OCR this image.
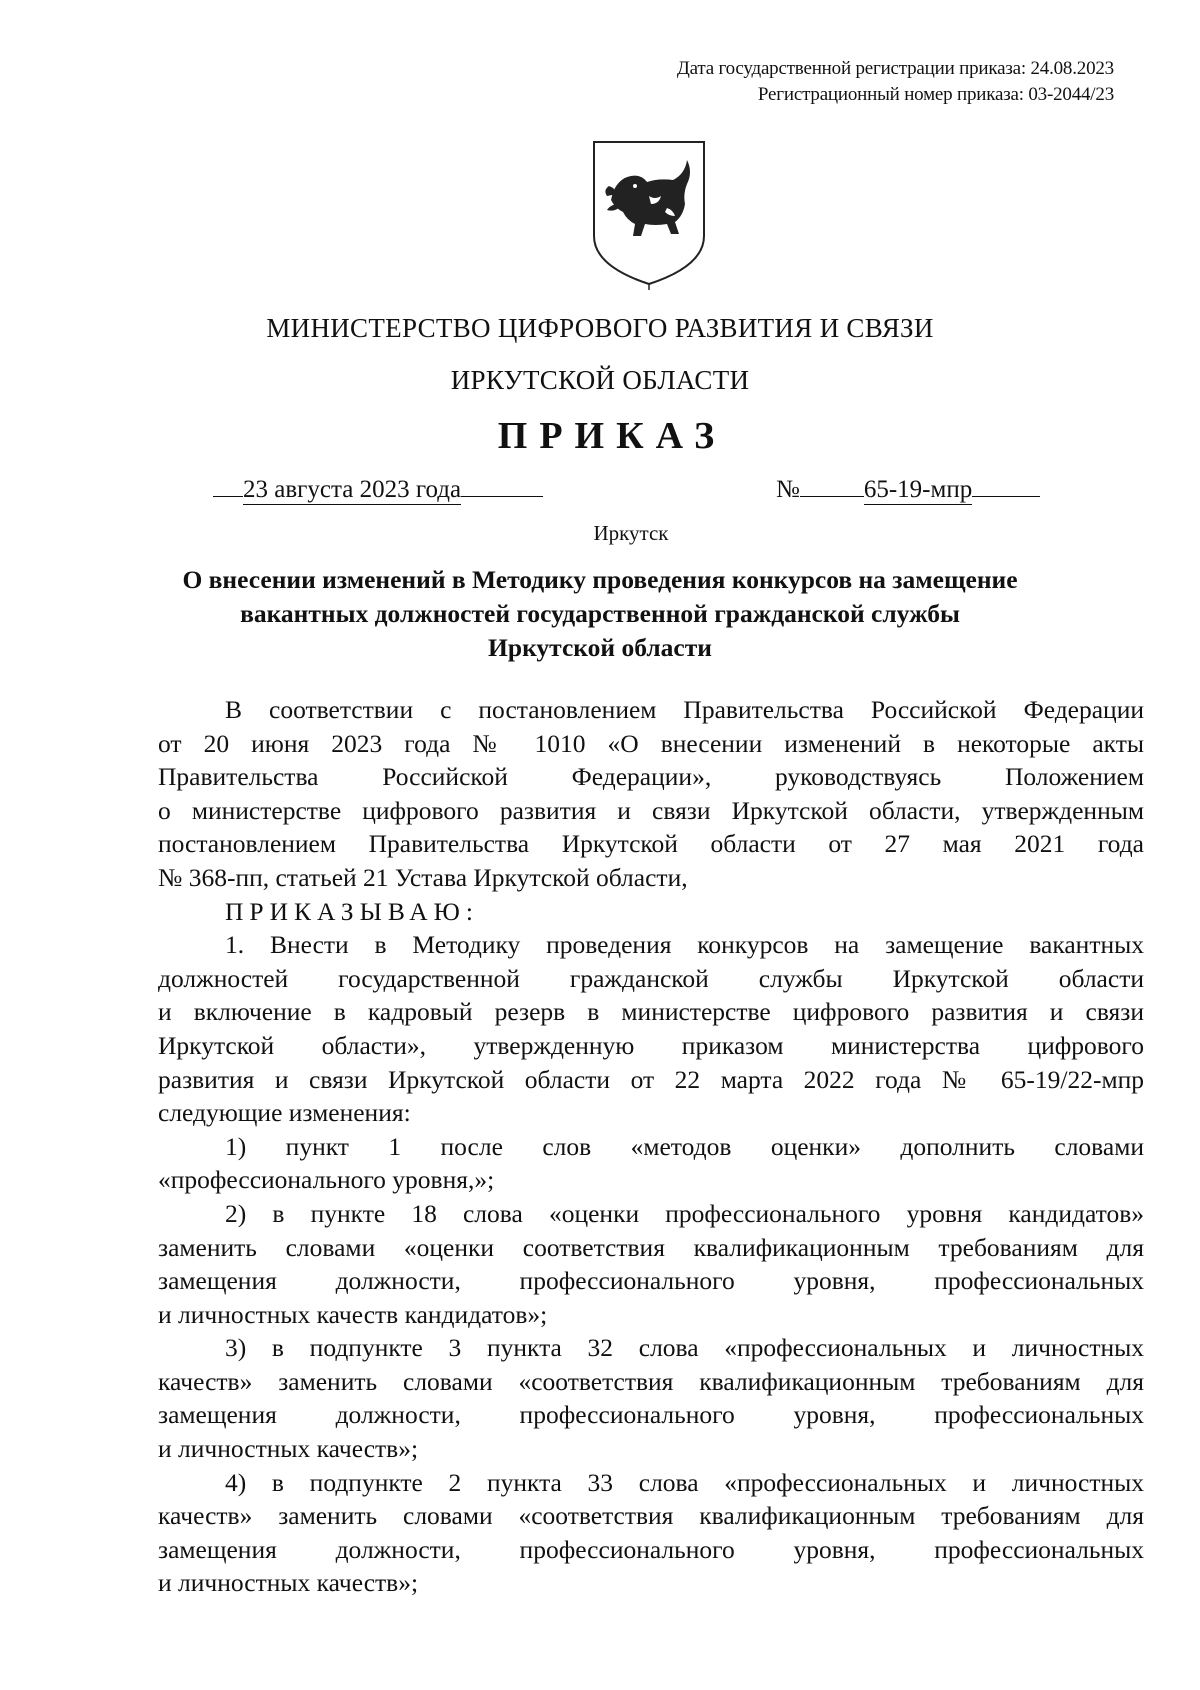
Дата государственной регистрации приказа: 24.08.2023
Регистрационный номер приказа: 03-2044/23
МИНИСТЕРСТВО ЦИФРОВОГО РАЗВИТИЯ И СВЯЗИ
ИРКУТСКОЙ ОБЛАСТИ
ПРИКАЗ
23 августа 2023 года	№	65-19-мпр
Иркутск
О внесении изменений в Методику проведения конкурсов на замещение
вакантных должностей государственной гражданской службы
Иркутской области

В соответствии с постановлением Правительства Российской Федерации

от 20 июня 2023 года № 1010 «О внесении изменений в некоторые акты

Правительства Российской Федерации», руководствуясь Положением

о министерстве цифрового развития и связи Иркутской области, утвержденным

постановлением Правительства Иркутской области от 27 мая 2021 года

№ 368-пп, статьей 21 Устава Иркутской области,

ПРИКАЗЫВАЮ:

1. Внести в Методику проведения конкурсов на замещение вакантных

должностей государственной гражданской службы Иркутской области

и включение в кадровый резерв в министерстве цифрового развития и связи

Иркутской области», утвержденную приказом министерства цифрового

развития и связи Иркутской области от 22 марта 2022 года № 65-19/22-мпр

следующие изменения:

1) пункт 1 после слов «методов оценки» дополнить словами

«профессионального уровня,»;

2) в пункте 18 слова «оценки профессионального уровня кандидатов»

заменить словами «оценки соответствия квалификационным требованиям для

замещения должности, профессионального уровня, профессиональных

и личностных качеств кандидатов»;

3) в подпункте 3 пункта 32 слова «профессиональных и личностных

качеств» заменить словами «соответствия квалификационным требованиям для

замещения должности, профессионального уровня, профессиональных

и личностных качеств»;

4) в подпункте 2 пункта 33 слова «профессиональных и личностных

качеств» заменить словами «соответствия квалификационным требованиям для

замещения должности, профессионального уровня, профессиональных

и личностных качеств»;
